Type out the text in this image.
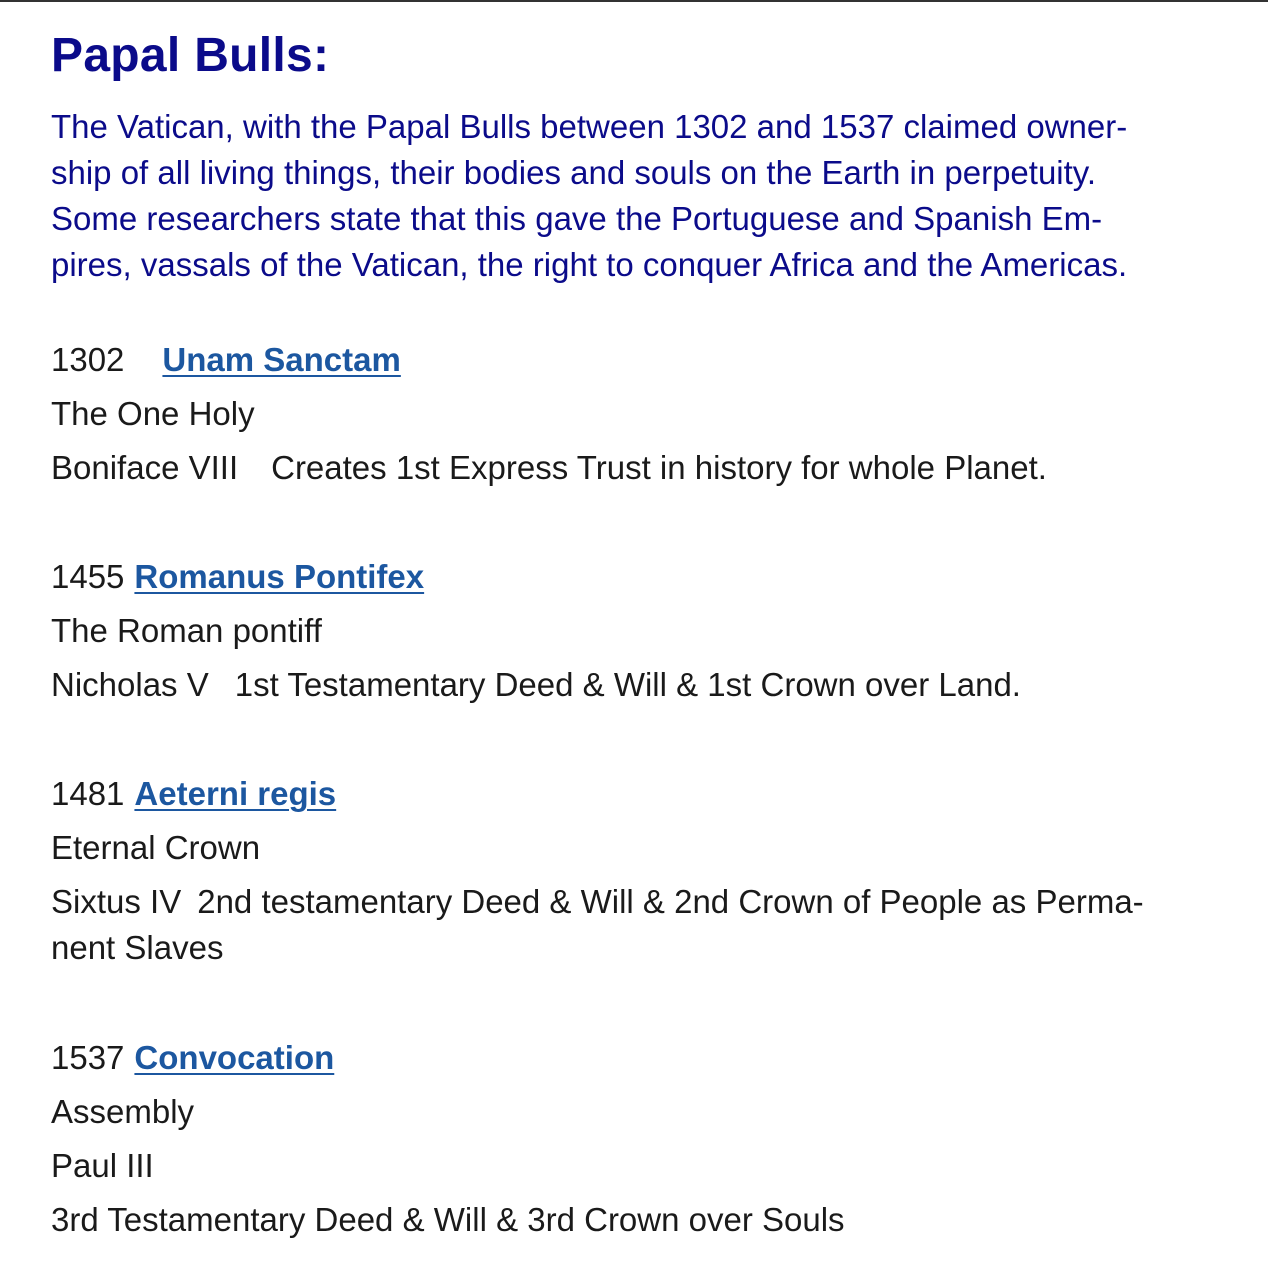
Papal Bulls:

The Vatican, with the Papal Bulls between 1302 and 1537 claimed owner-
ship of all living things, their bodies and souls on the Earth in perpetuity.
Some researchers state that this gave the Portuguese and Spanish Em-
pires, vassals of the Vatican, the right to conquer Africa and the Americas.

1302 Unam Sanctam
The One Holy
Boniface VIII Creates 1st Express Trust in history for whole Planet.
1455 Romanus Pontifex
The Roman pontiff
Nicholas V 1st Testamentary Deed & Will & 1st Crown over Land.
1481 Aeterni regis
Eternal Crown
Sixtus IV 2nd testamentary Deed & Will & 2nd Crown of People as Perma-
nent Slaves
1537 Convocation
Assembly
Paul III
3rd Testamentary Deed & Will & 3rd Crown over Souls
